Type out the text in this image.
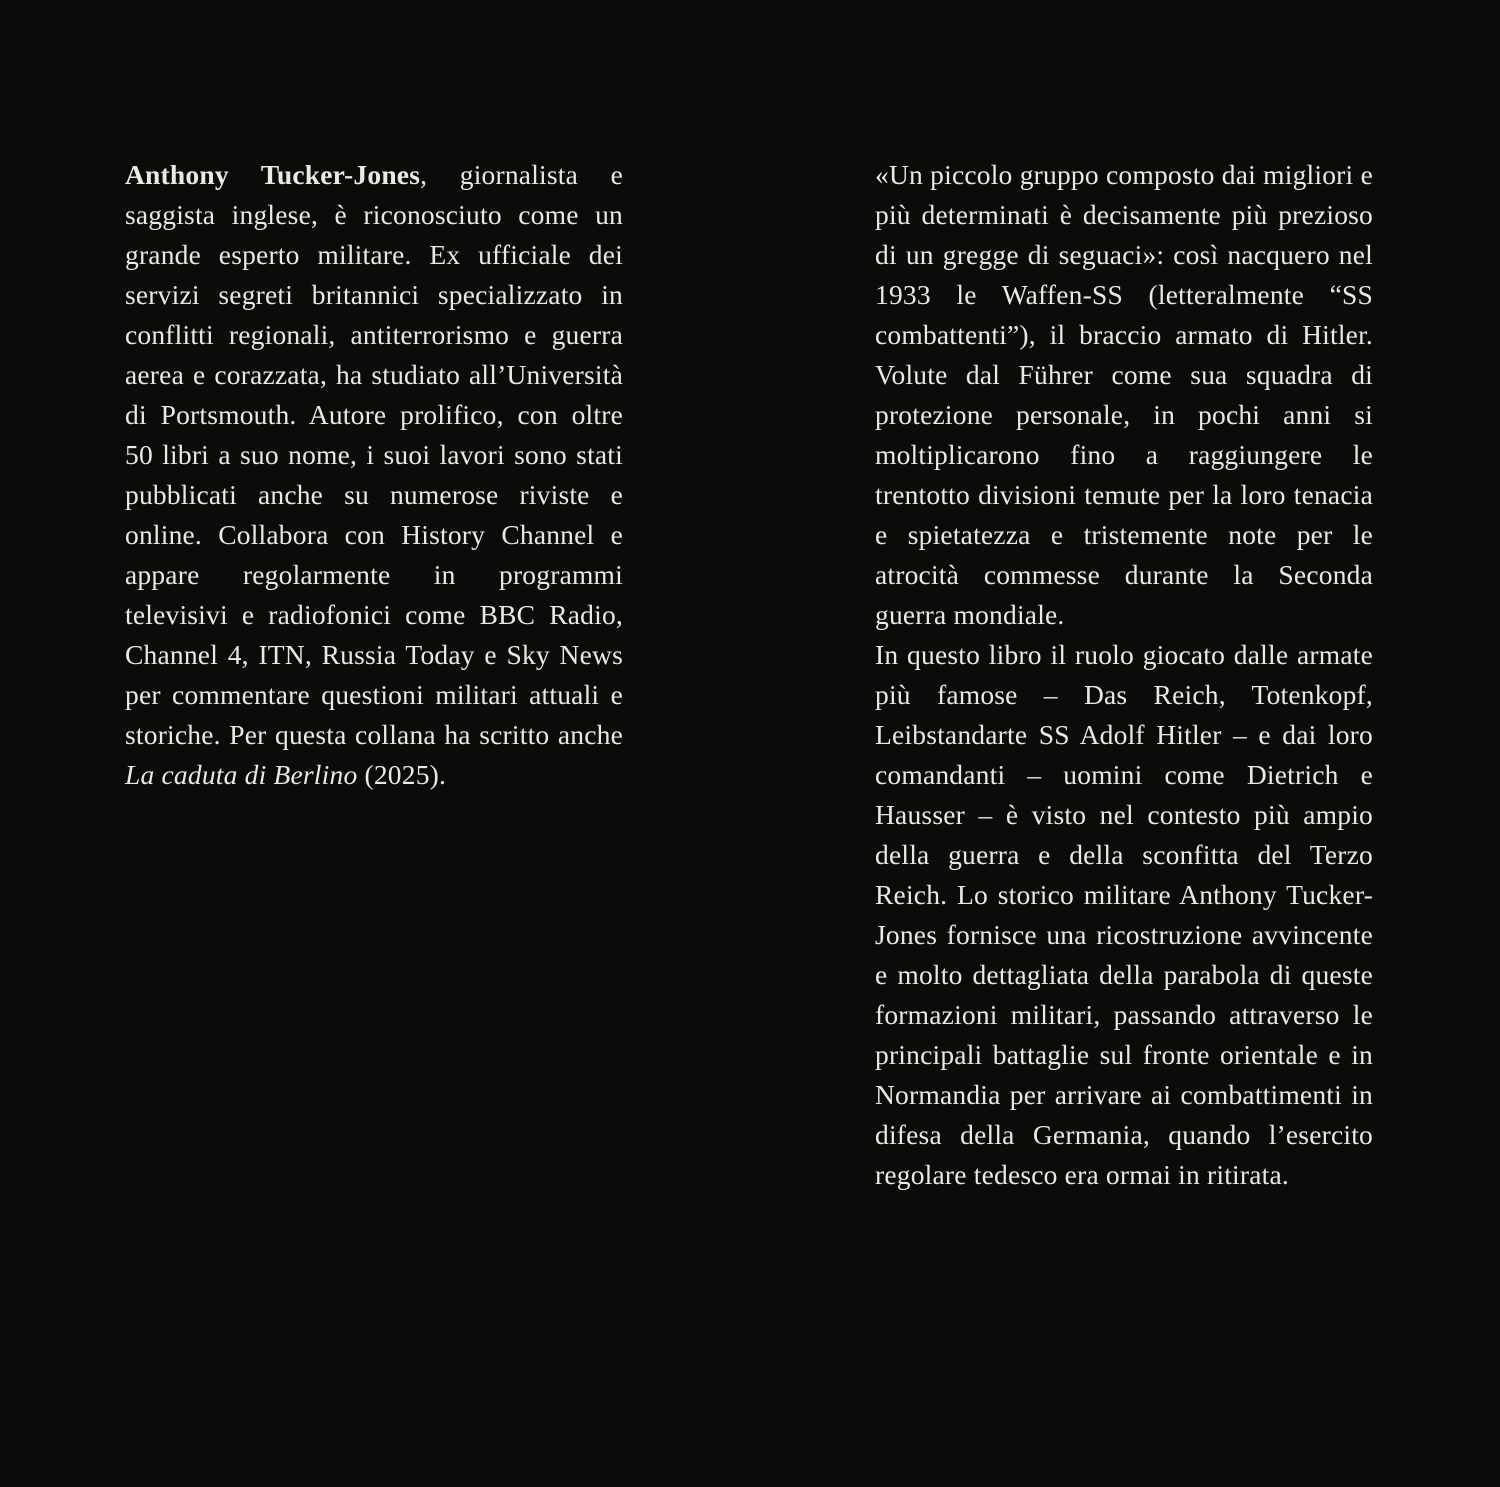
Anthony Tucker-Jones, giornalista e saggista inglese, è riconosciuto come un grande esperto militare. Ex ufficiale dei servizi segreti britannici specializzato in conflitti regionali, antiterrorismo e guerra aerea e corazzata, ha studiato all’Università di Portsmouth. Autore prolifico, con oltre 50 libri a suo nome, i suoi lavori sono stati pubblicati anche su numerose riviste e online. Collabora con History Channel e appare regolarmente in programmi televisivi e radiofonici come BBC Radio, Channel 4, ITN, Russia Today e Sky News per commentare questioni militari attuali e storiche. Per questa collana ha scritto anche La caduta di Berlino (2025).

«Un piccolo gruppo composto dai migliori e più determinati è decisamente più prezioso di un gregge di seguaci»: così nacquero nel 1933 le Waffen-SS (letteralmente “SS combattenti”), il braccio armato di Hitler. Volute dal Führer come sua squadra di protezione personale, in pochi anni si moltiplicarono fino a raggiungere le trentotto divisioni temute per la loro tenacia e spietatezza e tristemente note per le atrocità commesse durante la Seconda guerra mondiale.

In questo libro il ruolo giocato dalle armate più famose – Das Reich, Totenkopf, Leibstandarte SS Adolf Hitler – e dai loro comandanti – uomini come Dietrich e Hausser – è visto nel contesto più ampio della guerra e della sconfitta del Terzo Reich. Lo storico militare Anthony Tucker-Jones fornisce una ricostruzione avvincente e molto dettagliata della parabola di queste formazioni militari, passando attraverso le principali battaglie sul fronte orientale e in Normandia per arrivare ai combattimenti in difesa della Germania, quando l’esercito regolare tedesco era ormai in ritirata.
